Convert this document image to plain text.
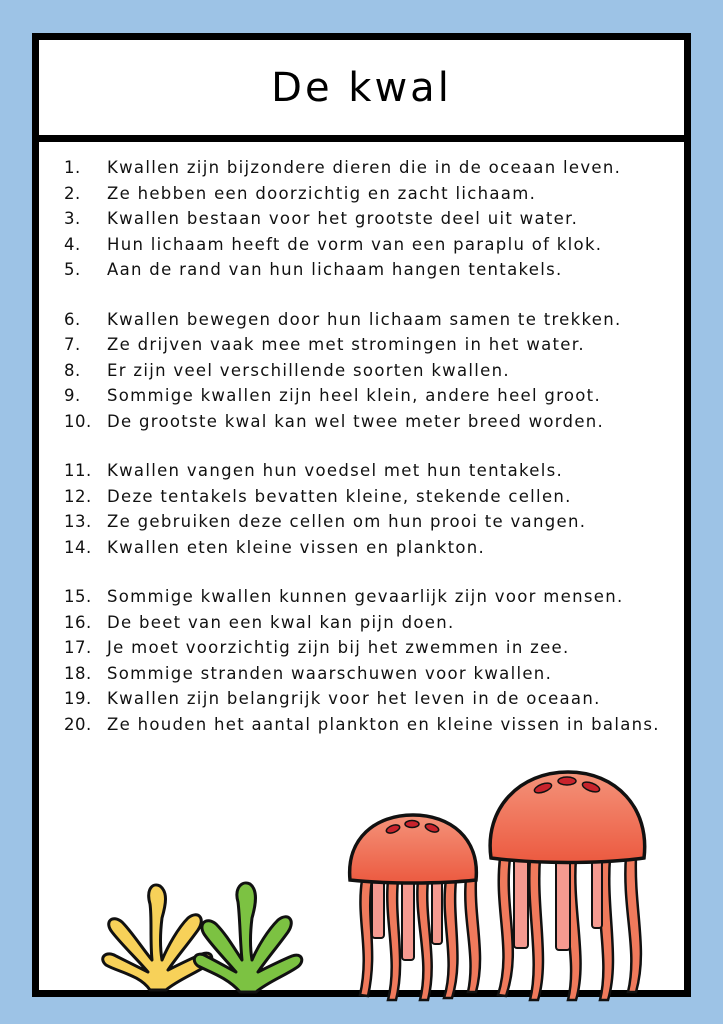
De kwal
1.	Kwallen zijn bijzondere dieren die in de oceaan leven.
2.	Ze hebben een doorzichtig en zacht lichaam.
3.	Kwallen bestaan voor het grootste deel uit water.
4.	Hun lichaam heeft de vorm van een paraplu of klok.
5.	Aan de rand van hun lichaam hangen tentakels.
6.	Kwallen bewegen door hun lichaam samen te trekken.
7.	Ze drijven vaak mee met stromingen in het water.
8.	Er zijn veel verschillende soorten kwallen.
9.	Sommige kwallen zijn heel klein, andere heel groot.
10. De grootste kwal kan wel twee meter breed worden.
11. Kwallen vangen hun voedsel met hun tentakels.
12. Deze tentakels bevatten kleine, stekende cellen.
13. Ze gebruiken deze cellen om hun prooi te vangen.
14. Kwallen eten kleine vissen en plankton.
15. Sommige kwallen kunnen gevaarlijk zijn voor mensen.
16. De beet van een kwal kan pijn doen.
17. Je moet voorzichtig zijn bij het zwemmen in zee.
18. Sommige stranden waarschuwen voor kwallen.
19. Kwallen zijn belangrijk voor het leven in de oceaan.
20. Ze houden het aantal plankton en kleine vissen in balans.
